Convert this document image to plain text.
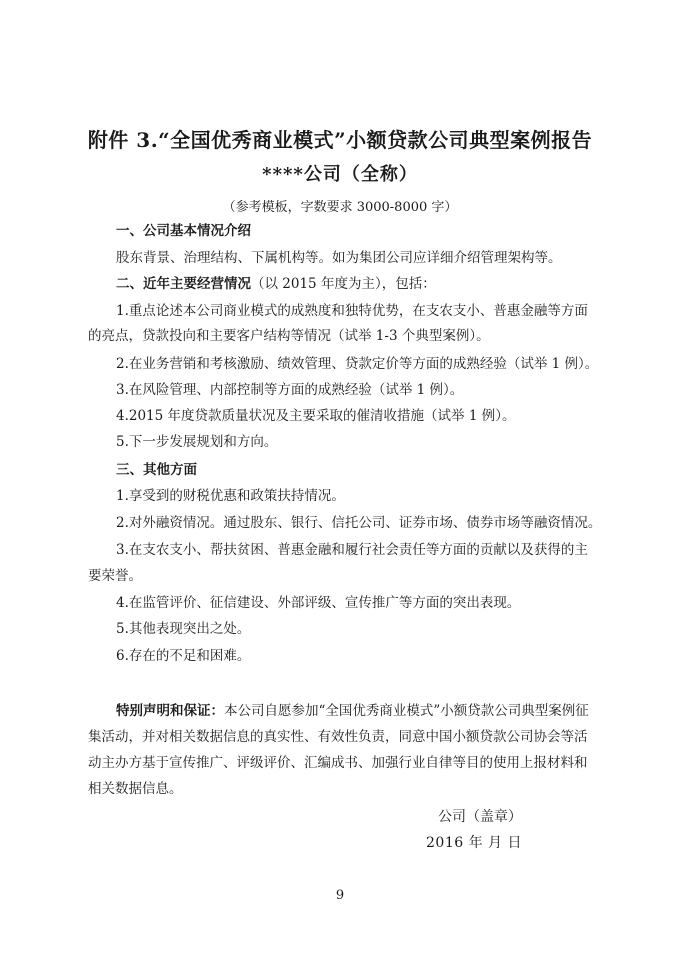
附件 3.“全国优秀商业模式”小额贷款公司典型案例报告
****公司（全称）
（参考模板，字数要求 3000-8000 字）
一、公司基本情况介绍
股东背景、治理结构、下属机构等。如为集团公司应详细介绍管理架构等。
二、近年主要经营情况（以 2015 年度为主），包括：
1.重点论述本公司商业模式的成熟度和独特优势，在支农支小、普惠金融等方面
的亮点，贷款投向和主要客户结构等情况（试举 1-3 个典型案例）。
2.在业务营销和考核激励、绩效管理、贷款定价等方面的成熟经验（试举 1 例）。
3.在风险管理、内部控制等方面的成熟经验（试举 1 例）。
4.2015 年度贷款质量状况及主要采取的催清收措施（试举 1 例）。
5.下一步发展规划和方向。
三、其他方面
1.享受到的财税优惠和政策扶持情况。
2.对外融资情况。通过股东、银行、信托公司、证券市场、债券市场等融资情况。
3.在支农支小、帮扶贫困、普惠金融和履行社会责任等方面的贡献以及获得的主
要荣誉。
4.在监管评价、征信建设、外部评级、宣传推广等方面的突出表现。
5.其他表现突出之处。
6.存在的不足和困难。
特别声明和保证：本公司自愿参加“全国优秀商业模式”小额贷款公司典型案例征
集活动，并对相关数据信息的真实性、有效性负责，同意中国小额贷款公司协会等活
动主办方基于宣传推广、评级评价、汇编成书、加强行业自律等目的使用上报材料和
相关数据信息。
公司（盖章）
2016 年 月 日
9
